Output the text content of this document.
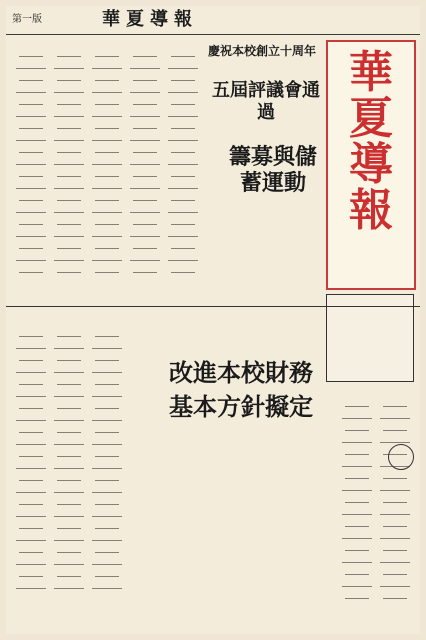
第一版	華夏導報
華夏導報
慶祝本校創立十周年
五屆評議會通過
籌募與儲蓄運動
改進本校財務
基本方針擬定
